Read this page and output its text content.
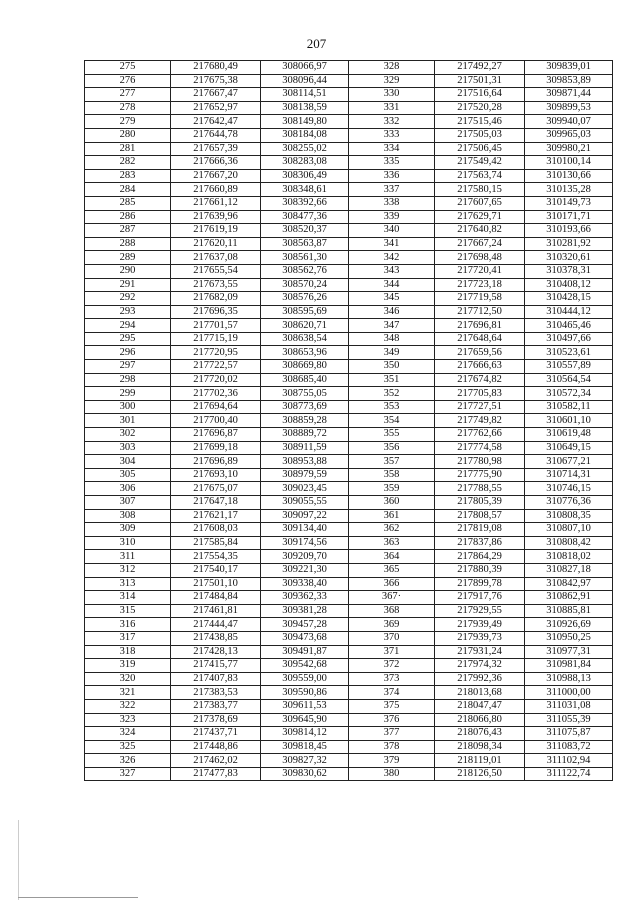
207
275	217680,49	308066,97	328	217492,27	309839,01
276	217675,38	308096,44	329	217501,31	309853,89
277	217667,47	308114,51	330	217516,64	309871,44
278	217652,97	308138,59	331	217520,28	309899,53
279	217642,47	308149,80	332	217515,46	309940,07
280	217644,78	308184,08	333	217505,03	309965,03
281	217657,39	308255,02	334	217506,45	309980,21
282	217666,36	308283,08	335	217549,42	310100,14
283	217667,20	308306,49	336	217563,74	310130,66
284	217660,89	308348,61	337	217580,15	310135,28
285	217661,12	308392,66	338	217607,65	310149,73
286	217639,96	308477,36	339	217629,71	310171,71
287	217619,19	308520,37	340	217640,82	310193,66
288	217620,11	308563,87	341	217667,24	310281,92
289	217637,08	308561,30	342	217698,48	310320,61
290	217655,54	308562,76	343	217720,41	310378,31
291	217673,55	308570,24	344	217723,18	310408,12
292	217682,09	308576,26	345	217719,58	310428,15
293	217696,35	308595,69	346	217712,50	310444,12
294	217701,57	308620,71	347	217696,81	310465,46
295	217715,19	308638,54	348	217648,64	310497,66
296	217720,95	308653,96	349	217659,56	310523,61
297	217722,57	308669,80	350	217666,63	310557,89
298	217720,02	308685,40	351	217674,82	310564,54
299	217702,36	308755,05	352	217705,83	310572,34
300	217694,64	308773,69	353	217727,51	310582,11
301	217700,40	308859,28	354	217749,82	310601,10
302	217696,87	308889,72	355	217762,66	310619,48
303	217699,18	308911,59	356	217774,58	310649,15
304	217696,89	308953,88	357	217780,98	310677,21
305	217693,10	308979,59	358	217775,90	310714,31
306	217675,07	309023,45	359	217788,55	310746,15
307	217647,18	309055,55	360	217805,39	310776,36
308	217621,17	309097,22	361	217808,57	310808,35
309	217608,03	309134,40	362	217819,08	310807,10
310	217585,84	309174,56	363	217837,86	310808,42
311	217554,35	309209,70	364	217864,29	310818,02
312	217540,17	309221,30	365	217880,39	310827,18
313	217501,10	309338,40	366	217899,78	310842,97
314	217484,84	309362,33	367·	217917,76	310862,91
315	217461,81	309381,28	368	217929,55	310885,81
316	217444,47	309457,28	369	217939,49	310926,69
317	217438,85	309473,68	370	217939,73	310950,25
318	217428,13	309491,87	371	217931,24	310977,31
319	217415,77	309542,68	372	217974,32	310981,84
320	217407,83	309559,00	373	217992,36	310988,13
321	217383,53	309590,86	374	218013,68	311000,00
322	217383,77	309611,53	375	218047,47	311031,08
323	217378,69	309645,90	376	218066,80	311055,39
324	217437,71	309814,12	377	218076,43	311075,87
325	217448,86	309818,45	378	218098,34	311083,72
326	217462,02	309827,32	379	218119,01	311102,94
327	217477,83	309830,62	380	218126,50	311122,74
